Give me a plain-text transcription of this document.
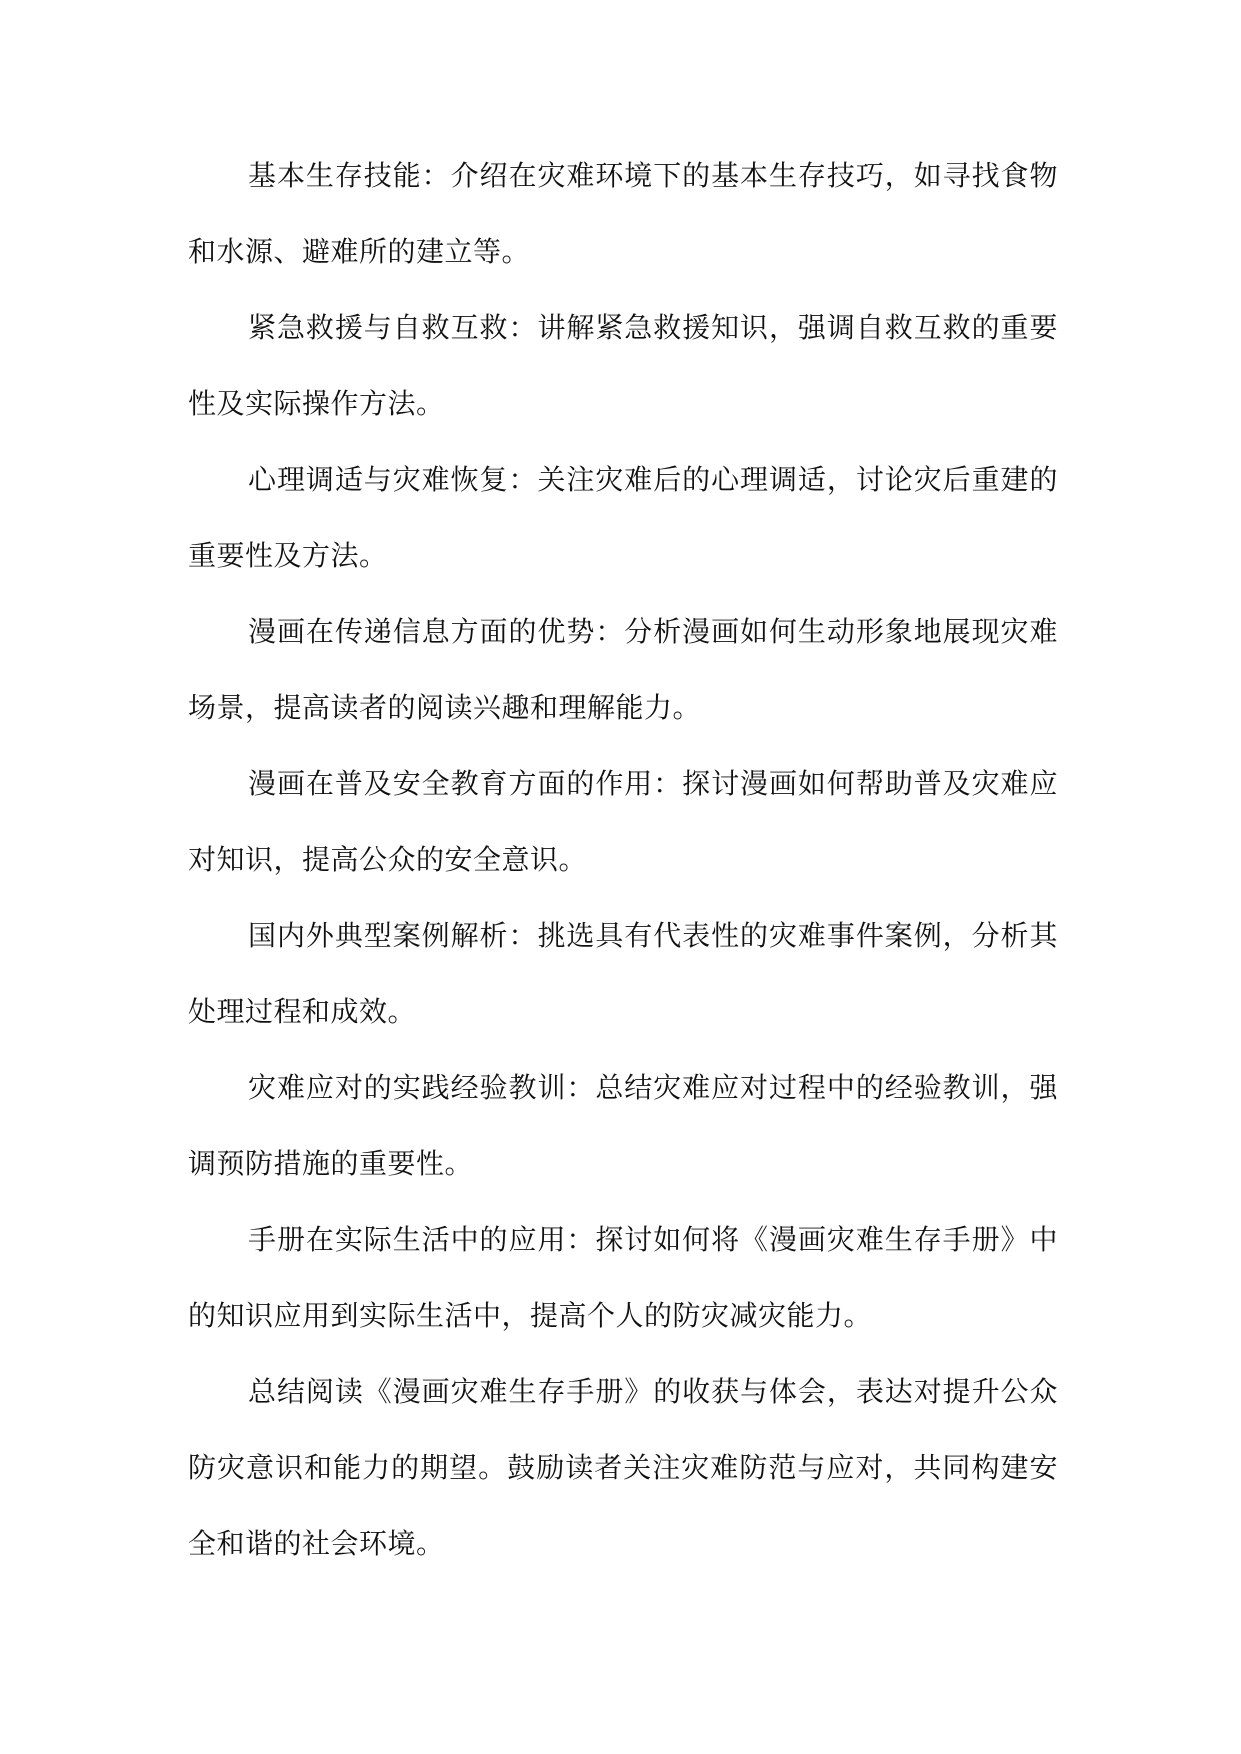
基本生存技能：介绍在灾难环境下的基本生存技巧，如寻找食物和水源、避难所的建立等。

紧急救援与自救互救：讲解紧急救援知识，强调自救互救的重要性及实际操作方法。

心理调适与灾难恢复：关注灾难后的心理调适，讨论灾后重建的重要性及方法。

漫画在传递信息方面的优势：分析漫画如何生动形象地展现灾难场景，提高读者的阅读兴趣和理解能力。

漫画在普及安全教育方面的作用：探讨漫画如何帮助普及灾难应对知识，提高公众的安全意识。

国内外典型案例解析：挑选具有代表性的灾难事件案例，分析其处理过程和成效。

灾难应对的实践经验教训：总结灾难应对过程中的经验教训，强调预防措施的重要性。

手册在实际生活中的应用：探讨如何将《漫画灾难生存手册》中的知识应用到实际生活中，提高个人的防灾减灾能力。

总结阅读《漫画灾难生存手册》的收获与体会，表达对提升公众防灾意识和能力的期望。鼓励读者关注灾难防范与应对，共同构建安全和谐的社会环境。
